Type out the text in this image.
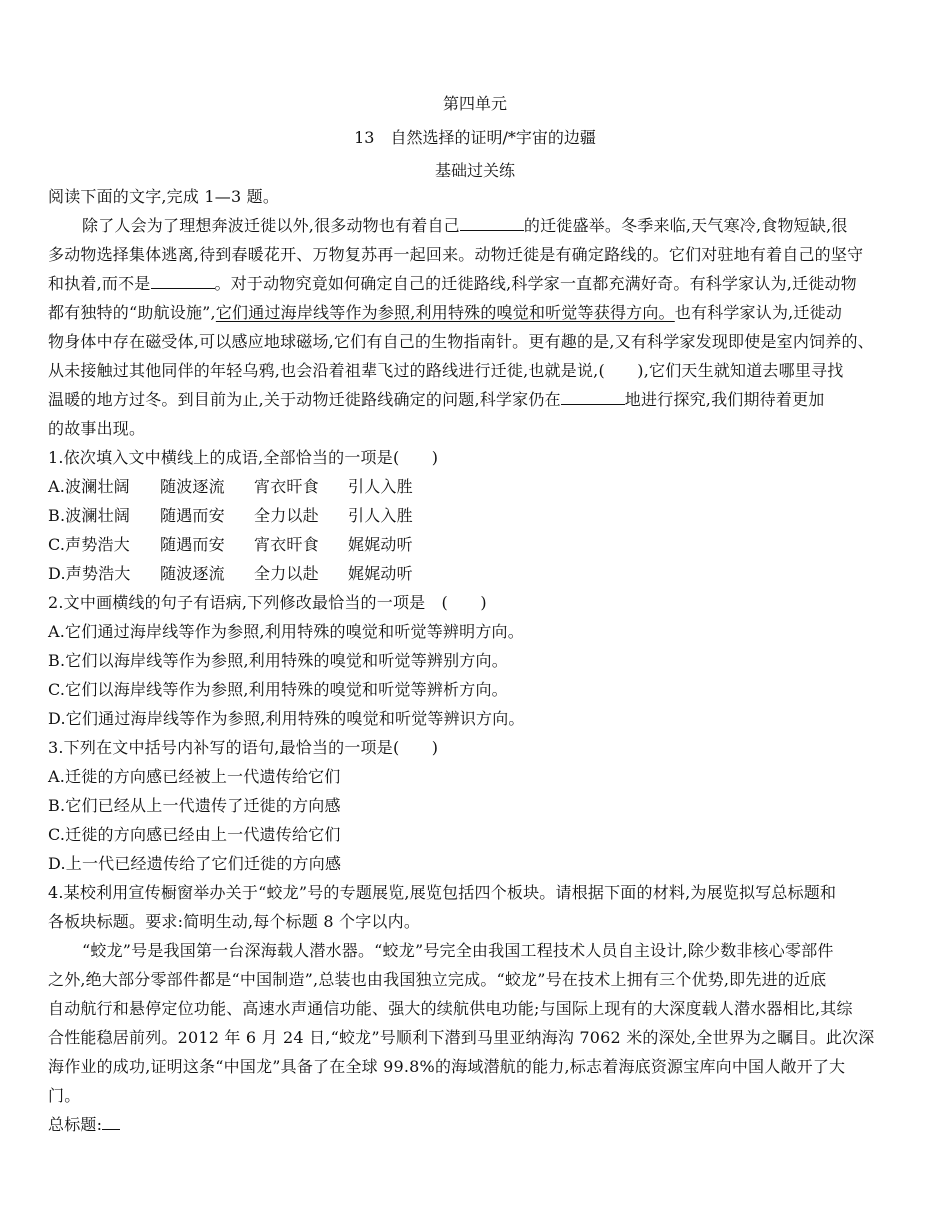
第四单元
13　自然选择的证明/*宇宙的边疆
基础过关练
阅读下面的文字,完成 1—3 题。
除了人会为了理想奔波迁徙以外,很多动物也有着自己	的迁徙盛举。冬季来临,天气寒冷,食物短缺,很
多动物选择集体逃离,待到春暖花开、万物复苏再一起回来。动物迁徙是有确定路线的。它们对驻地有着自己的坚守
和执着,而不是	。对于动物究竟如何确定自己的迁徙路线,科学家一直都充满好奇。有科学家认为,迁徙动物
都有独特的“助航设施”,它们通过海岸线等作为参照,利用特殊的嗅觉和听觉等获得方向。也有科学家认为,迁徙动
物身体中存在磁受体,可以感应地球磁场,它们有自己的生物指南针。更有趣的是,又有科学家发现即使是室内饲养的、
从未接触过其他同伴的年轻乌鸦,也会沿着祖辈飞过的路线进行迁徙,也就是说,(　　),它们天生就知道去哪里寻找
温暖的地方过冬。到目前为止,关于动物迁徙路线确定的问题,科学家仍在	地进行探究,我们期待着更加
的故事出现。
1.依次填入文中横线上的成语,全部恰当的一项是(　　)
A.波澜壮阔 随波逐流 宵衣旰食 引人入胜
B.波澜壮阔 随遇而安 全力以赴 引人入胜
C.声势浩大 随遇而安 宵衣旰食 娓娓动听
D.声势浩大 随波逐流 全力以赴 娓娓动听
2.文中画横线的句子有语病,下列修改最恰当的一项是　(　　)
A.它们通过海岸线等作为参照,利用特殊的嗅觉和听觉等辨明方向。
B.它们以海岸线等作为参照,利用特殊的嗅觉和听觉等辨别方向。
C.它们以海岸线等作为参照,利用特殊的嗅觉和听觉等辨析方向。
D.它们通过海岸线等作为参照,利用特殊的嗅觉和听觉等辨识方向。
3.下列在文中括号内补写的语句,最恰当的一项是(　　)
A.迁徙的方向感已经被上一代遗传给它们
B.它们已经从上一代遗传了迁徙的方向感
C.迁徙的方向感已经由上一代遗传给它们
D.上一代已经遗传给了它们迁徙的方向感
4.某校利用宣传橱窗举办关于“蛟龙”号的专题展览,展览包括四个板块。请根据下面的材料,为展览拟写总标题和
各板块标题。要求:简明生动,每个标题 8 个字以内。
“蛟龙”号是我国第一台深海载人潜水器。“蛟龙”号完全由我国工程技术人员自主设计,除少数非核心零部件
之外,绝大部分零部件都是“中国制造”,总装也由我国独立完成。“蛟龙”号在技术上拥有三个优势,即先进的近底
自动航行和悬停定位功能、高速水声通信功能、强大的续航供电功能;与国际上现有的大深度载人潜水器相比,其综
合性能稳居前列。2012 年 6 月 24 日,“蛟龙”号顺利下潜到马里亚纳海沟 7062 米的深处,全世界为之瞩目。此次深
海作业的成功,证明这条“中国龙”具备了在全球 99.8%的海域潜航的能力,标志着海底资源宝库向中国人敞开了大
门。
总标题:
